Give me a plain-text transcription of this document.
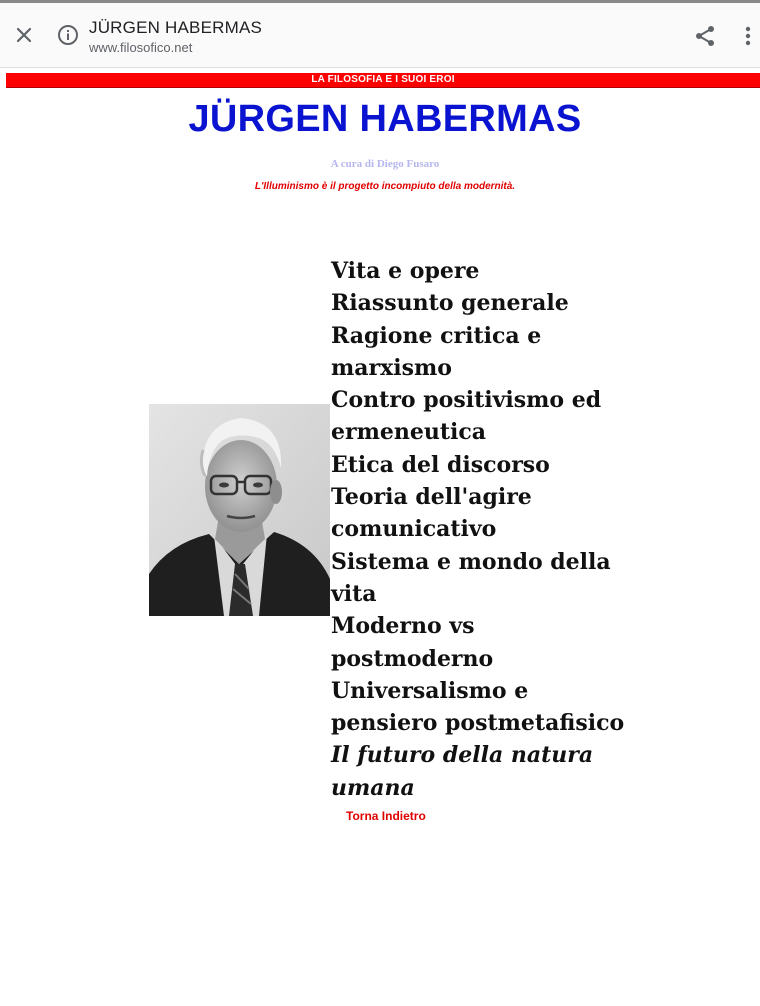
JÜRGEN HABERMAS
www.filosofico.net
LA FILOSOFIA E I SUOI EROI
JÜRGEN HABERMAS
A cura di Diego Fusaro
L'Illuminismo è il progetto incompiuto della modernità.
Vita e opere
Riassunto generale
Ragione critica e marxismo
Contro positivismo ed ermeneutica
Etica del discorso
Teoria dell'agire comunicativo
Sistema e mondo della vita
Moderno vs postmoderno
Universalismo e pensiero postmetafisico
Il futuro della natura umana
Torna Indietro
